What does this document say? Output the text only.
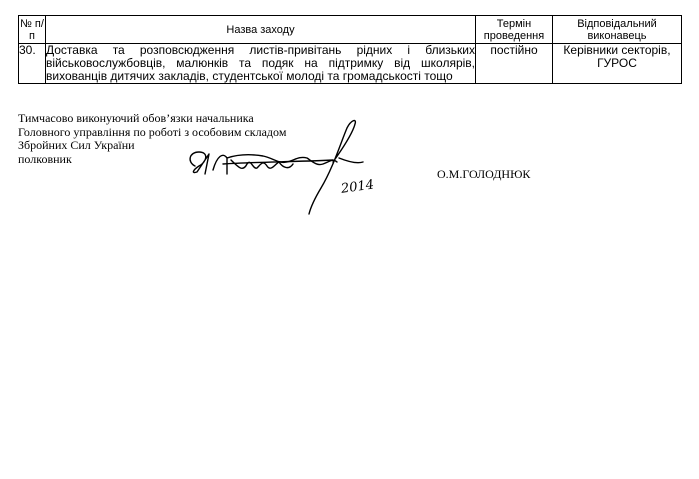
№ п/п	Назва заходу	Термін проведення	Відповідальний виконавець
30.	Доставка та розповсюдження листів-привітань рідних і близьких військовослужбовців, малюнків та подяк на підтримку від школярів, вихованців дитячих закладів, студентської молоді та громадськості тощо	постійно	Керівники секторів, ГУРОС
Тимчасово виконуючий обов’язки начальника
Головного управління по роботі з особовим складом
Збройних Сил України
полковник
2014
О.М.ГОЛОДНЮК
